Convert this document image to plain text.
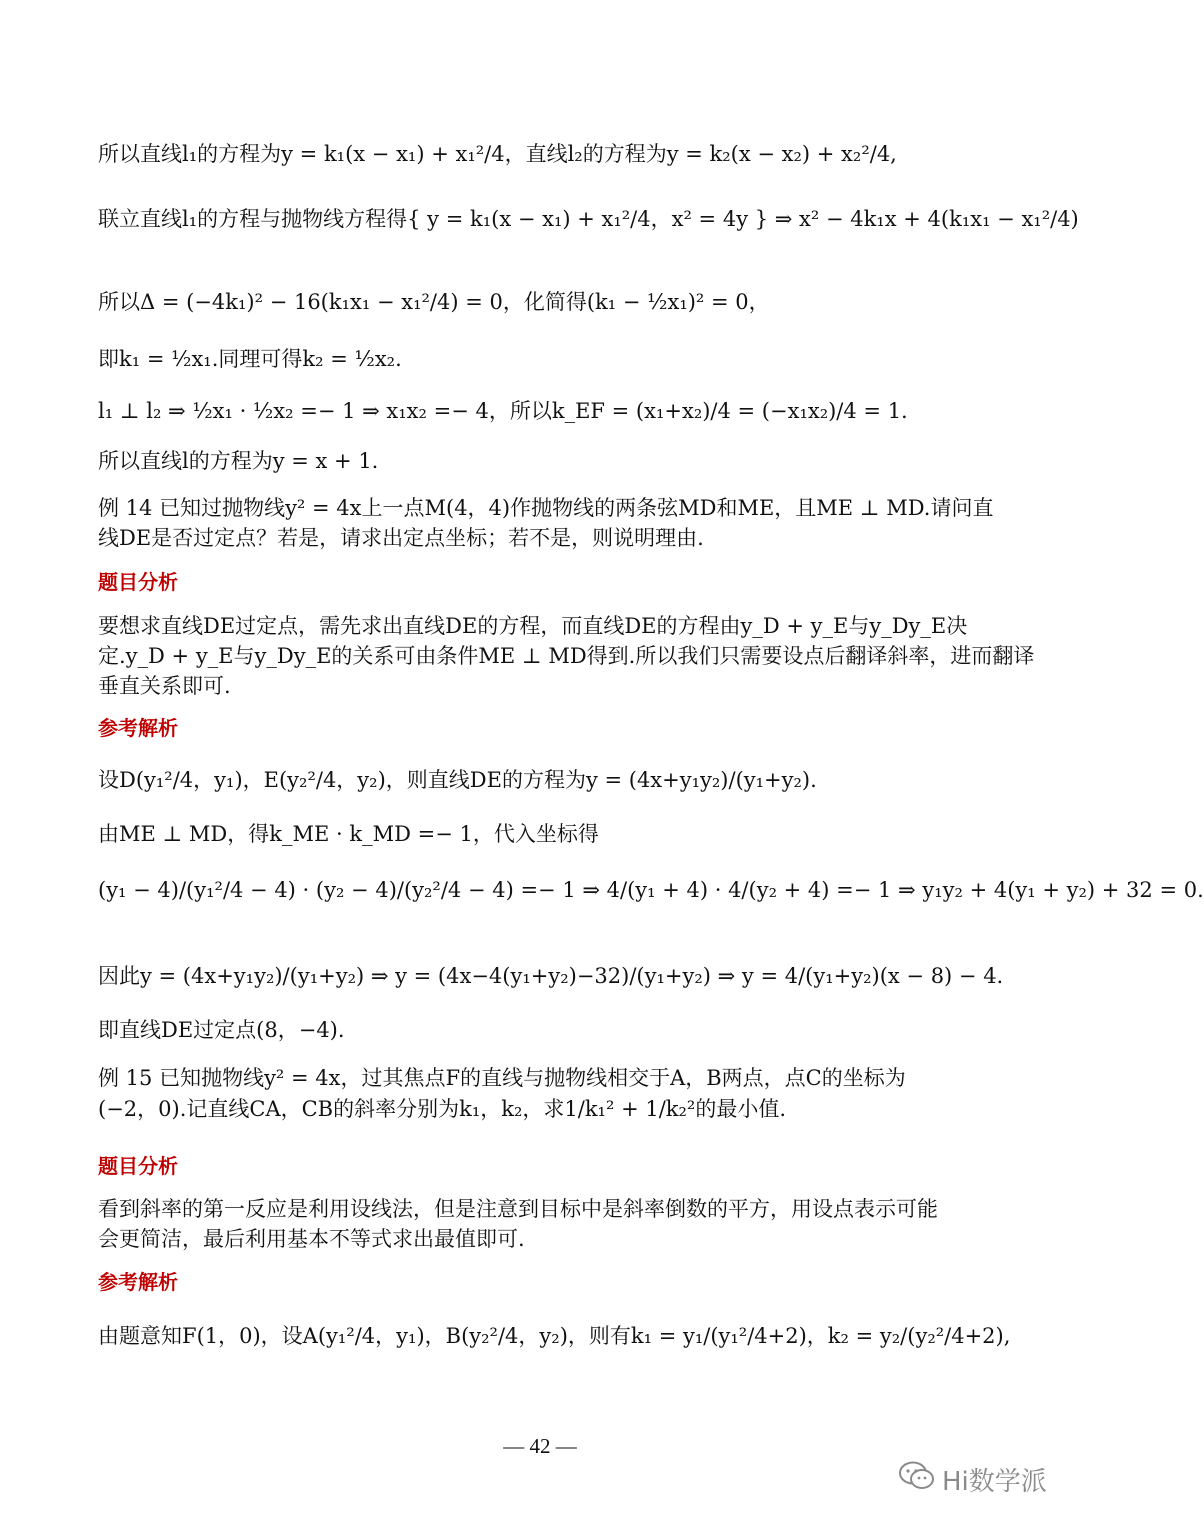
所以直线l₁的方程为y = k₁(x − x₁) + x₁²/4，直线l₂的方程为y = k₂(x − x₂) + x₂²/4,
联立直线l₁的方程与抛物线方程得{ y = k₁(x − x₁) + x₁²/4，x² = 4y } ⇒ x² − 4k₁x + 4(k₁x₁ − x₁²/4)
所以Δ = (−4k₁)² − 16(k₁x₁ − x₁²/4) = 0，化简得(k₁ − ½x₁)² = 0，
即k₁ = ½x₁.同理可得k₂ = ½x₂.
l₁ ⊥ l₂ ⇒ ½x₁ · ½x₂ =− 1 ⇒ x₁x₂ =− 4，所以k_EF = (x₁+x₂)/4 = (−x₁x₂)/4 = 1.
所以直线l的方程为y = x + 1.
例 14 已知过抛物线y² = 4x上一点M(4，4)作抛物线的两条弦MD和ME，且ME ⊥ MD.请问直
线DE是否过定点？若是，请求出定点坐标；若不是，则说明理由.
题目分析
要想求直线DE过定点，需先求出直线DE的方程，而直线DE的方程由y_D + y_E与y_Dy_E决
定.y_D + y_E与y_Dy_E的关系可由条件ME ⊥ MD得到.所以我们只需要设点后翻译斜率，进而翻译
垂直关系即可.
参考解析
设D(y₁²/4，y₁)，E(y₂²/4，y₂)，则直线DE的方程为y = (4x+y₁y₂)/(y₁+y₂).
由ME ⊥ MD，得k_ME · k_MD =− 1，代入坐标得
(y₁ − 4)/(y₁²/4 − 4) · (y₂ − 4)/(y₂²/4 − 4) =− 1 ⇒ 4/(y₁ + 4) · 4/(y₂ + 4) =− 1 ⇒ y₁y₂ + 4(y₁ + y₂) + 32 = 0.
因此y = (4x+y₁y₂)/(y₁+y₂) ⇒ y = (4x−4(y₁+y₂)−32)/(y₁+y₂) ⇒ y = 4/(y₁+y₂)(x − 8) − 4.
即直线DE过定点(8，−4).
例 15 已知抛物线y² = 4x，过其焦点F的直线与抛物线相交于A，B两点，点C的坐标为
(−2，0).记直线CA，CB的斜率分别为k₁，k₂，求1/k₁² + 1/k₂²的最小值.
题目分析
看到斜率的第一反应是利用设线法，但是注意到目标中是斜率倒数的平方，用设点表示可能
会更简洁，最后利用基本不等式求出最值即可.
参考解析
由题意知F(1，0)，设A(y₁²/4，y₁)，B(y₂²/4，y₂)，则有k₁ = y₁/(y₁²/4+2)，k₂ = y₂/(y₂²/4+2),
— 42 —
Hi数学派
